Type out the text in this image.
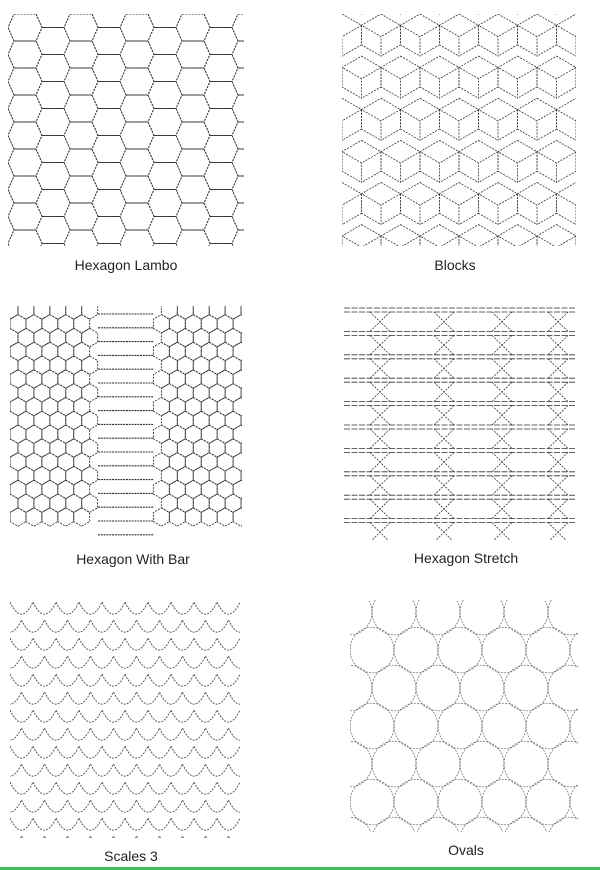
Hexagon Lambo	Blocks
Hexagon With Bar	Hexagon Stretch
Scales 3	Ovals
